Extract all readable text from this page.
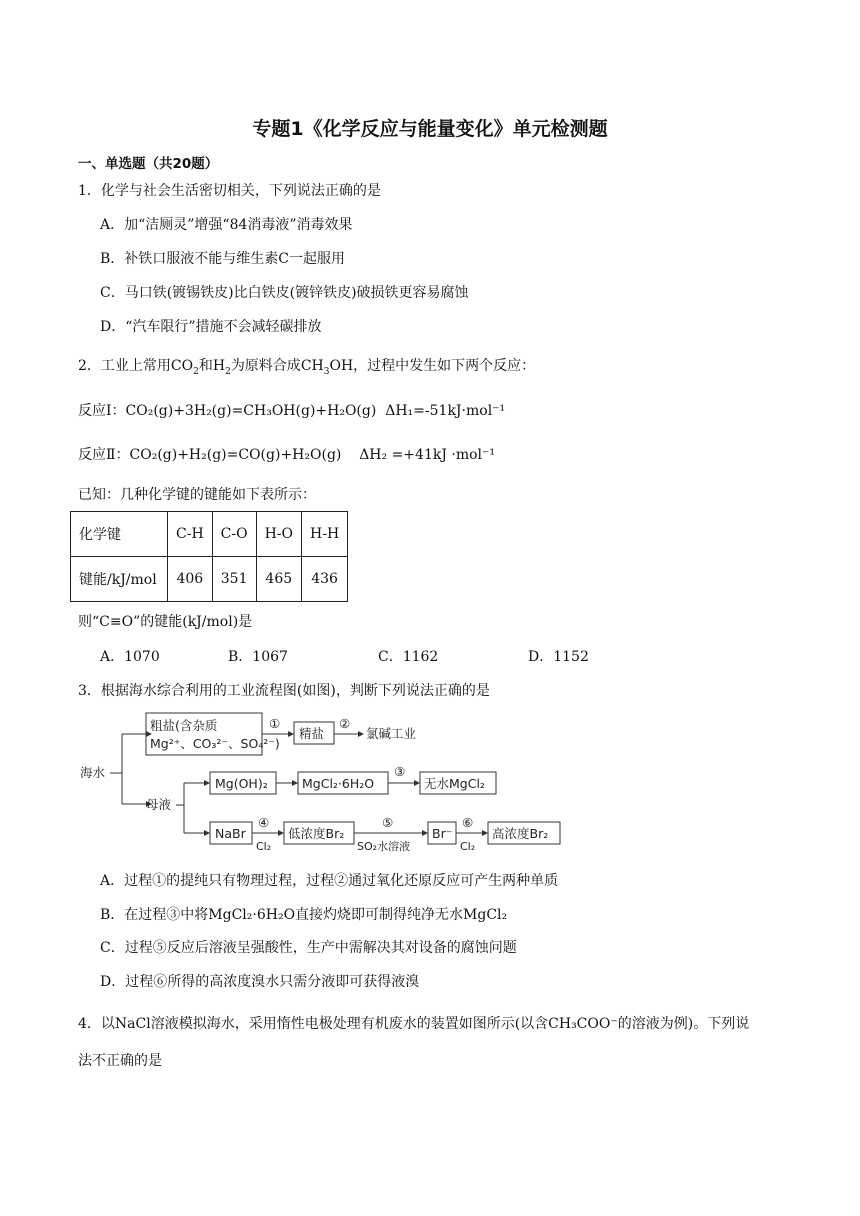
专题1《化学反应与能量变化》单元检测题
一、单选题（共20题）
1．化学与社会生活密切相关，下列说法正确的是
A．加“洁厕灵”增强“84消毒液”消毒效果
B．补铁口服液不能与维生素C一起服用
C．马口铁(镀锡铁皮)比白铁皮(镀锌铁皮)破损铁更容易腐蚀
D．“汽车限行”措施不会减轻碳排放
2．工业上常用$CO_2$和$H_2$为原料合成$CH_3OH$，过程中发生如下两个反应：
反应Ⅰ：CO₂(g)+3H₂(g)=CH₃OH(g)+H₂O(g) ΔH₁=-51kJ·mol⁻¹
反应Ⅱ：CO₂(g)+H₂(g)=CO(g)+H₂O(g) ΔH₂ =+41kJ ·mol⁻¹
已知：几种化学键的键能如下表所示：
化学键	C-H	C-O	H-O	H-H
键能/kJ/mol	406	351	465	436
则“C≡O”的键能(kJ/mol)是
A．1070	B．1067	C．1162	D．1152
3．根据海水综合利用的工业流程图(如图)，判断下列说法正确的是
海水
粗盐(含杂质
Mg²⁺、CO₃²⁻、SO₄²⁻)
①
精盐
②
氯碱工业
母液
Mg(OH)₂	MgCl₂·6H₂O
③
无水MgCl₂
NaBr
④
Cl₂
低浓度Br₂
⑤
SO₂水溶液
Br⁻
⑥
Cl₂
高浓度Br₂
A．过程①的提纯只有物理过程，过程②通过氧化还原反应可产生两种单质
B．在过程③中将MgCl₂·6H₂O直接灼烧即可制得纯净无水MgCl₂
C．过程⑤反应后溶液呈强酸性，生产中需解决其对设备的腐蚀问题
D．过程⑥所得的高浓度溴水只需分液即可获得液溴
4．以NaCl溶液模拟海水，采用惰性电极处理有机废水的装置如图所示(以含CH₃COO⁻的溶液为例)。下列说
法不正确的是
